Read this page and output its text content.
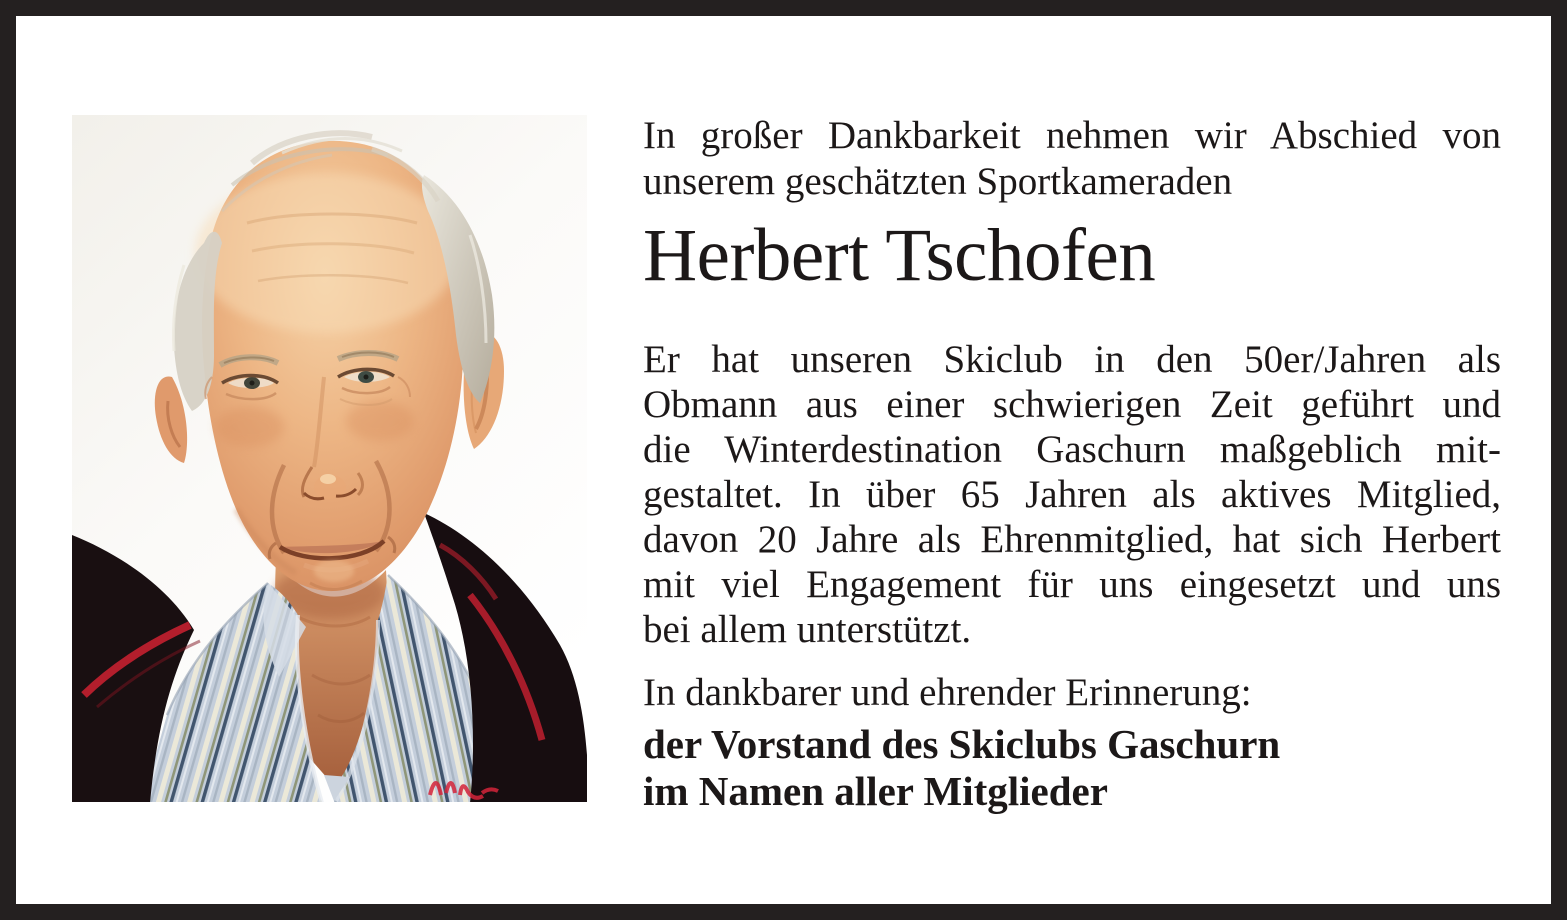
In großer Dankbarkeit nehmen wir Abschied von
unserem geschätzten Sportkameraden
Herbert Tschofen
Er hat unseren Skiclub in den 50er/Jahren als
Obmann aus einer schwierigen Zeit geführt und
die Winterdestination Gaschurn maßgeblich mit-
gestaltet. In über 65 Jahren als aktives Mitglied,
davon 20 Jahre als Ehrenmitglied, hat sich Herbert
mit viel Engagement für uns eingesetzt und uns
bei allem unterstützt.
In dankbarer und ehrender Erinnerung:
der Vorstand des Skiclubs Gaschurn
im Namen aller Mitglieder
